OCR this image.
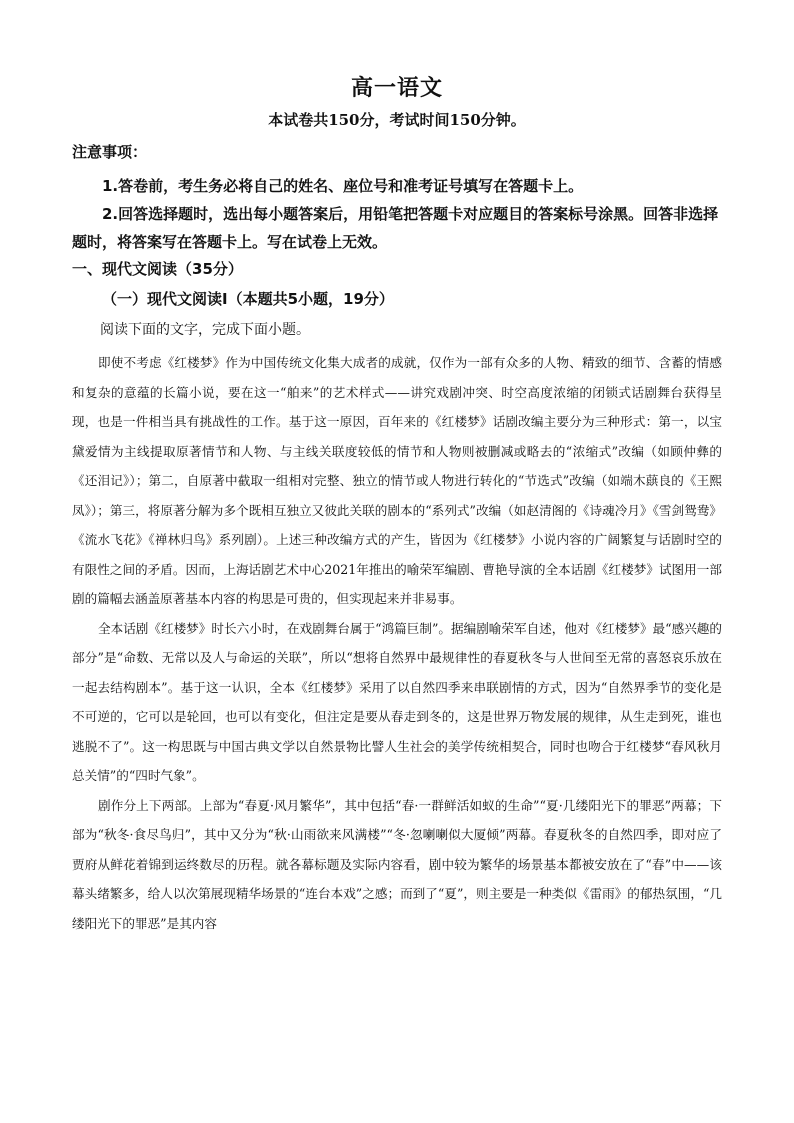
高一语文
本试卷共150分，考试时间150分钟。
注意事项：

1.答卷前，考生务必将自己的姓名、座位号和准考证号填写在答题卡上。

2.回答选择题时，选出每小题答案后，用铅笔把答题卡对应题目的答案标号涂黑。回答非选择题时，将答案写在答题卡上。写在试卷上无效。

一、现代文阅读（35分）
（一）现代文阅读Ⅰ（本题共5小题，19分）

阅读下面的文字，完成下面小题。

即使不考虑《红楼梦》作为中国传统文化集大成者的成就，仅作为一部有众多的人物、精致的细节、含蓄的情感和复杂的意蕴的长篇小说，要在这一“舶来”的艺术样式——讲究戏剧冲突、时空高度浓缩的闭锁式话剧舞台获得呈现，也是一件相当具有挑战性的工作。基于这一原因，百年来的《红楼梦》话剧改编主要分为三种形式：第一，以宝黛爱情为主线提取原著情节和人物、与主线关联度较低的情节和人物则被删减或略去的“浓缩式”改编（如顾仲彝的《还泪记》）；第二，自原著中截取一组相对完整、独立的情节或人物进行转化的“节选式”改编（如端木蕻良的《王熙凤》）；第三，将原著分解为多个既相互独立又彼此关联的剧本的“系列式”改编（如赵清阁的《诗魂冷月》《雪剑鸳鸯》《流水飞花》《禅林归鸟》系列剧）。上述三种改编方式的产生，皆因为《红楼梦》小说内容的广阔繁复与话剧时空的有限性之间的矛盾。因而，上海话剧艺术中心2021年推出的喻荣军编剧、曹艳导演的全本话剧《红楼梦》试图用一部剧的篇幅去涵盖原著基本内容的构思是可贵的，但实现起来并非易事。

全本话剧《红楼梦》时长六小时，在戏剧舞台属于“鸿篇巨制”。据编剧喻荣军自述，他对《红楼梦》最“感兴趣的部分”是“命数、无常以及人与命运的关联”，所以“想将自然界中最规律性的春夏秋冬与人世间至无常的喜怒哀乐放在一起去结构剧本”。基于这一认识，全本《红楼梦》采用了以自然四季来串联剧情的方式，因为“自然界季节的变化是不可逆的，它可以是轮回，也可以有变化，但注定是要从春走到冬的，这是世界万物发展的规律，从生走到死，谁也逃脱不了”。这一构思既与中国古典文学以自然景物比譬人生社会的美学传统相契合，同时也吻合于红楼梦“春风秋月总关情”的“四时气象”。

剧作分上下两部。上部为“春夏·风月繁华”，其中包括“春·一群鲜活如蚁的生命”“夏·几缕阳光下的罪恶”两幕；下部为“秋冬·食尽鸟归”，其中又分为“秋·山雨欲来风满楼”“冬·忽喇喇似大厦倾”两幕。春夏秋冬的自然四季，即对应了贾府从鲜花着锦到运终数尽的历程。就各幕标题及实际内容看，剧中较为繁华的场景基本都被安放在了“春”中——该幕头绪繁多，给人以次第展现精华场景的“连台本戏”之感；而到了“夏”，则主要是一种类似《雷雨》的郁热氛围，“几缕阳光下的罪恶”是其内容
